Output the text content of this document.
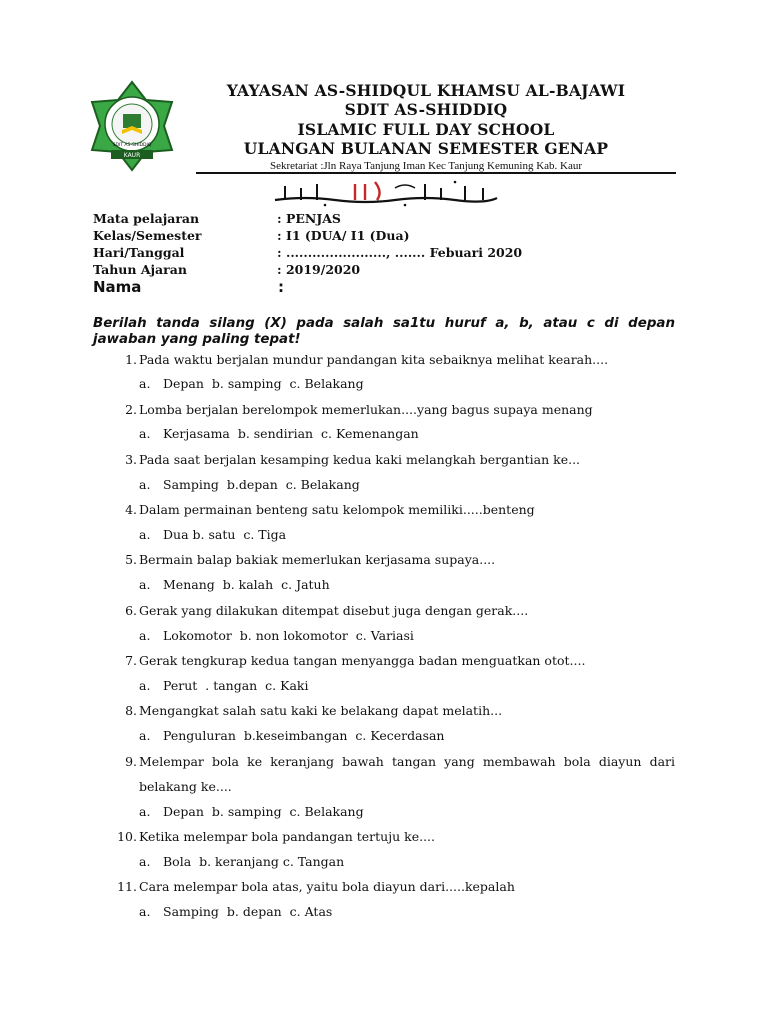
KAUR
SDIT AS-SHIDDIQ
YAYASAN AS-SHIDQUL KHAMSU AL-BAJAWI
SDIT AS-SHIDDIQ
ISLAMIC FULL DAY SCHOOL
ULANGAN BULANAN SEMESTER GENAP
Sekretariat :Jln Raya Tanjung Iman Kec Tanjung Kemuning Kab. Kaur
Mata pelajaran	: PENJAS
Kelas/Semester	: I1 (DUA/ I1 (Dua)
Hari/Tanggal	: ......................., ....... Febuari 2020
Tahun Ajaran	: 2019/2020
Nama	:
Berilah tanda silang (X) pada salah sa1tu huruf a, b, atau c di depan jawaban yang paling tepat!
1. Pada waktu berjalan mundur pandangan kita sebaiknya melihat kearah....
a. Depan  b. samping  c. Belakang
2. Lomba berjalan berelompok memerlukan....yang bagus supaya menang
a. Kerjasama  b. sendirian  c. Kemenangan
3. Pada saat berjalan kesamping kedua kaki melangkah bergantian ke...
a. Samping  b.depan  c. Belakang
4. Dalam permainan benteng satu kelompok memiliki.....benteng
a. Dua b. satu  c. Tiga
5. Bermain balap bakiak memerlukan kerjasama supaya....
a. Menang  b. kalah  c. Jatuh
6. Gerak yang dilakukan ditempat disebut juga dengan gerak....
a. Lokomotor  b. non lokomotor  c. Variasi
7. Gerak tengkurap kedua tangan menyangga badan menguatkan otot....
a. Perut  . tangan  c. Kaki
8. Mengangkat salah satu kaki ke belakang dapat melatih...
a. Penguluran  b.keseimbangan  c. Kecerdasan
9. Melempar bola ke keranjang bawah tangan yang membawah bola diayun dari belakang ke....
a. Depan  b. samping  c. Belakang
10. Ketika melempar bola pandangan tertuju ke....
a. Bola  b. keranjang c. Tangan
11. Cara melempar bola atas, yaitu bola diayun dari.....kepalah
a. Samping  b. depan  c. Atas
